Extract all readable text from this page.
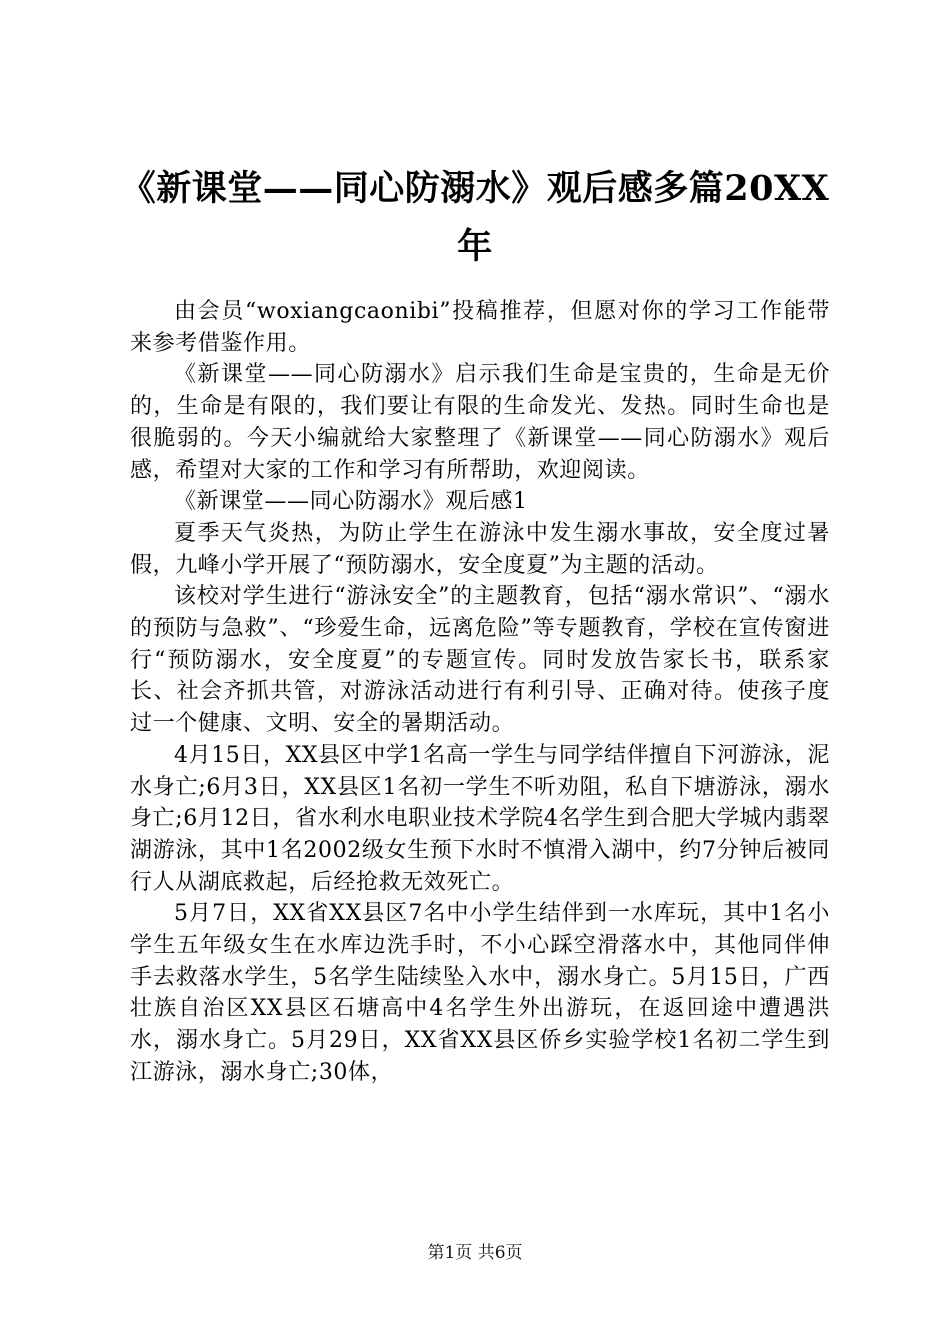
《新课堂——同心防溺水》观后感多篇20XX年

由会员“woxiangcaonibi”投稿推荐，但愿对你的学习工作能带来参考借鉴作用。

《新课堂——同心防溺水》启示我们生命是宝贵的，生命是无价的，生命是有限的，我们要让有限的生命发光、发热。同时生命也是很脆弱的。今天小编就给大家整理了《新课堂——同心防溺水》观后感，希望对大家的工作和学习有所帮助，欢迎阅读。

《新课堂——同心防溺水》观后感1

夏季天气炎热，为防止学生在游泳中发生溺水事故，安全度过暑假，九峰小学开展了“预防溺水，安全度夏”为主题的活动。

该校对学生进行“游泳安全”的主题教育，包括“溺水常识”、“溺水的预防与急救”、“珍爱生命，远离危险”等专题教育，学校在宣传窗进行“预防溺水，安全度夏”的专题宣传。同时发放告家长书，联系家长、社会齐抓共管，对游泳活动进行有利引导、正确对待。使孩子度过一个健康、文明、安全的暑期活动。

4月15日，XX县区中学1名高一学生与同学结伴擅自下河游泳，泥水身亡;6月3日，XX县区1名初一学生不听劝阻，私自下塘游泳，溺水身亡;6月12日，省水利水电职业技术学院4名学生到合肥大学城内翡翠湖游泳，其中1名2002级女生预下水时不慎滑入湖中，约7分钟后被同行人从湖底救起，后经抢救无效死亡。

5月7日，XX省XX县区7名中小学生结伴到一水库玩，其中1名小学生五年级女生在水库边洗手时，不小心踩空滑落水中，其他同伴伸手去救落水学生，5名学生陆续坠入水中，溺水身亡。5月15日，广西壮族自治区XX县区石塘高中4名学生外出游玩，在返回途中遭遇洪水，溺水身亡。5月29日，XX省XX县区侨乡实验学校1名初二学生到江游泳，溺水身亡;30体，

第1页 共6页
